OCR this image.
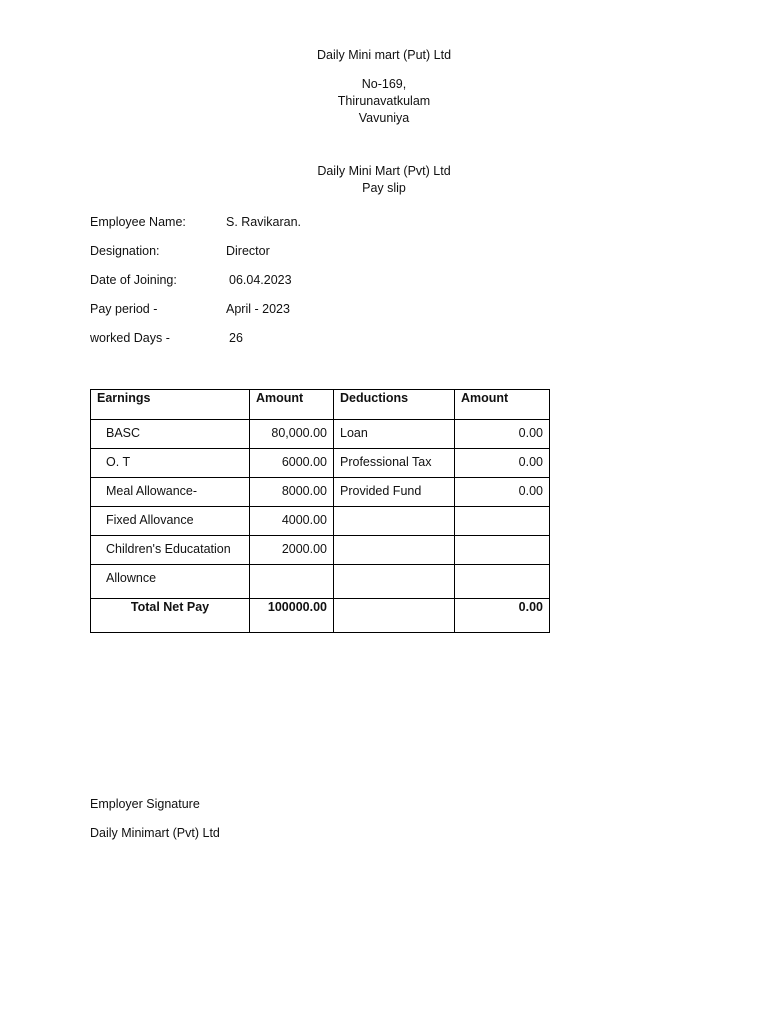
Daily Mini mart (Put) Ltd
No-169,
Thirunavatkulam
Vavuniya
Daily Mini Mart (Pvt) Ltd
Pay slip
Employee Name:	S. Ravikaran.
Designation:	Director
Date of Joining:	06.04.2023
Pay period -	April - 2023
worked Days -	26
Earnings	Amount	Deductions	Amount
BASC	80,000.00	Loan	0.00
O. T	6000.00	Professional Tax	0.00
Meal Allowance-	8000.00	Provided Fund	0.00
Fixed Allovance	4000.00		
Children's Educatation	2000.00		
Allownce			
Total Net Pay	100000.00		0.00
Employer Signature
Daily Minimart (Pvt) Ltd
